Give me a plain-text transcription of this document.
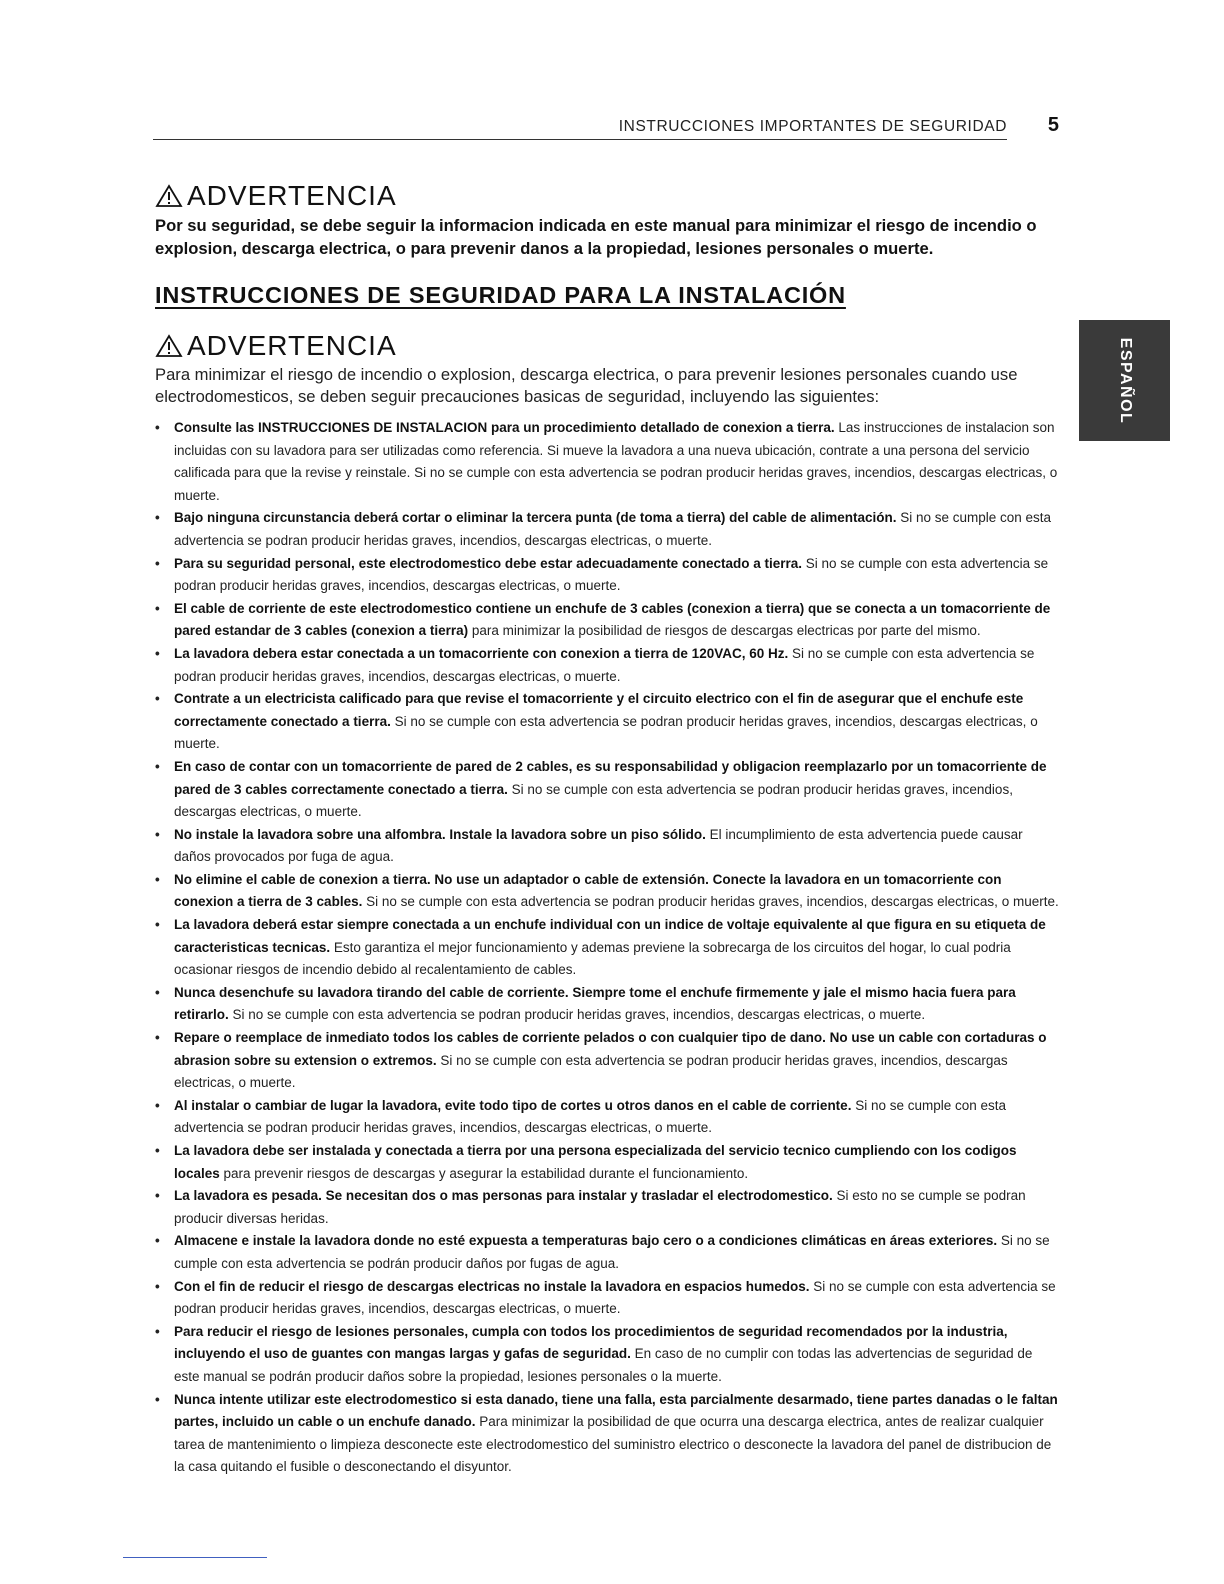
INSTRUCCIONES IMPORTANTES DE SEGURIDAD 5
ESPAÑOL
ADVERTENCIA
Por su seguridad, se debe seguir la informacion indicada en este manual para minimizar el riesgo de incendio o explosion, descarga electrica, o para prevenir danos a la propiedad, lesiones personales o muerte.
INSTRUCCIONES DE SEGURIDAD PARA LA INSTALACIÓN
ADVERTENCIA
Para minimizar el riesgo de incendio o explosion, descarga electrica, o para prevenir lesiones personales cuando use electrodomesticos, se deben seguir precauciones basicas de seguridad, incluyendo las siguientes:
• Consulte las INSTRUCCIONES DE INSTALACION para un procedimiento detallado de conexion a tierra. Las instrucciones de instalacion son incluidas con su lavadora para ser utilizadas como referencia. Si mueve la lavadora a una nueva ubicación, contrate a una persona del servicio calificada para que la revise y reinstale. Si no se cumple con esta advertencia se podran producir heridas graves, incendios, descargas electricas, o muerte.
• Bajo ninguna circunstancia deberá cortar o eliminar la tercera punta (de toma a tierra) del cable de alimentación. Si no se cumple con esta advertencia se podran producir heridas graves, incendios, descargas electricas, o muerte.
• Para su seguridad personal, este electrodomestico debe estar adecuadamente conectado a tierra. Si no se cumple con esta advertencia se podran producir heridas graves, incendios, descargas electricas, o muerte.
• El cable de corriente de este electrodomestico contiene un enchufe de 3 cables (conexion a tierra) que se conecta a un tomacorriente de pared estandar de 3 cables (conexion a tierra) para minimizar la posibilidad de riesgos de descargas electricas por parte del mismo.
• La lavadora debera estar conectada a un tomacorriente con conexion a tierra de 120VAC, 60 Hz. Si no se cumple con esta advertencia se podran producir heridas graves, incendios, descargas electricas, o muerte.
• Contrate a un electricista calificado para que revise el tomacorriente y el circuito electrico con el fin de asegurar que el enchufe este correctamente conectado a tierra. Si no se cumple con esta advertencia se podran producir heridas graves, incendios, descargas electricas, o muerte.
• En caso de contar con un tomacorriente de pared de 2 cables, es su responsabilidad y obligacion reemplazarlo por un tomacorriente de pared de 3 cables correctamente conectado a tierra. Si no se cumple con esta advertencia se podran producir heridas graves, incendios, descargas electricas, o muerte.
• No instale la lavadora sobre una alfombra. Instale la lavadora sobre un piso sólido. El incumplimiento de esta advertencia puede causar daños provocados por fuga de agua.
• No elimine el cable de conexion a tierra. No use un adaptador o cable de extensión. Conecte la lavadora en un tomacorriente con conexion a tierra de 3 cables. Si no se cumple con esta advertencia se podran producir heridas graves, incendios, descargas electricas, o muerte.
• La lavadora deberá estar siempre conectada a un enchufe individual con un indice de voltaje equivalente al que figura en su etiqueta de caracteristicas tecnicas. Esto garantiza el mejor funcionamiento y ademas previene la sobrecarga de los circuitos del hogar, lo cual podria ocasionar riesgos de incendio debido al recalentamiento de cables.
• Nunca desenchufe su lavadora tirando del cable de corriente. Siempre tome el enchufe firmemente y jale el mismo hacia fuera para retirarlo. Si no se cumple con esta advertencia se podran producir heridas graves, incendios, descargas electricas, o muerte.
• Repare o reemplace de inmediato todos los cables de corriente pelados o con cualquier tipo de dano. No use un cable con cortaduras o abrasion sobre su extension o extremos. Si no se cumple con esta advertencia se podran producir heridas graves, incendios, descargas electricas, o muerte.
• Al instalar o cambiar de lugar la lavadora, evite todo tipo de cortes u otros danos en el cable de corriente. Si no se cumple con esta advertencia se podran producir heridas graves, incendios, descargas electricas, o muerte.
• La lavadora debe ser instalada y conectada a tierra por una persona especializada del servicio tecnico cumpliendo con los codigos locales para prevenir riesgos de descargas y asegurar la estabilidad durante el funcionamiento.
• La lavadora es pesada. Se necesitan dos o mas personas para instalar y trasladar el electrodomestico. Si esto no se cumple se podran producir diversas heridas.
• Almacene e instale la lavadora donde no esté expuesta a temperaturas bajo cero o a condiciones climáticas en áreas exteriores. Si no se cumple con esta advertencia se podrán producir daños por fugas de agua.
• Con el fin de reducir el riesgo de descargas electricas no instale la lavadora en espacios humedos. Si no se cumple con esta advertencia se podran producir heridas graves, incendios, descargas electricas, o muerte.
• Para reducir el riesgo de lesiones personales, cumpla con todos los procedimientos de seguridad recomendados por la industria, incluyendo el uso de guantes con mangas largas y gafas de seguridad. En caso de no cumplir con todas las advertencias de seguridad de este manual se podrán producir daños sobre la propiedad, lesiones personales o la muerte.
• Nunca intente utilizar este electrodomestico si esta danado, tiene una falla, esta parcialmente desarmado, tiene partes danadas o le faltan partes, incluido un cable o un enchufe danado. Para minimizar la posibilidad de que ocurra una descarga electrica, antes de realizar cualquier tarea de mantenimiento o limpieza desconecte este electrodomestico del suministro electrico o desconecte la lavadora del panel de distribucion de la casa quitando el fusible o desconectando el disyuntor.
